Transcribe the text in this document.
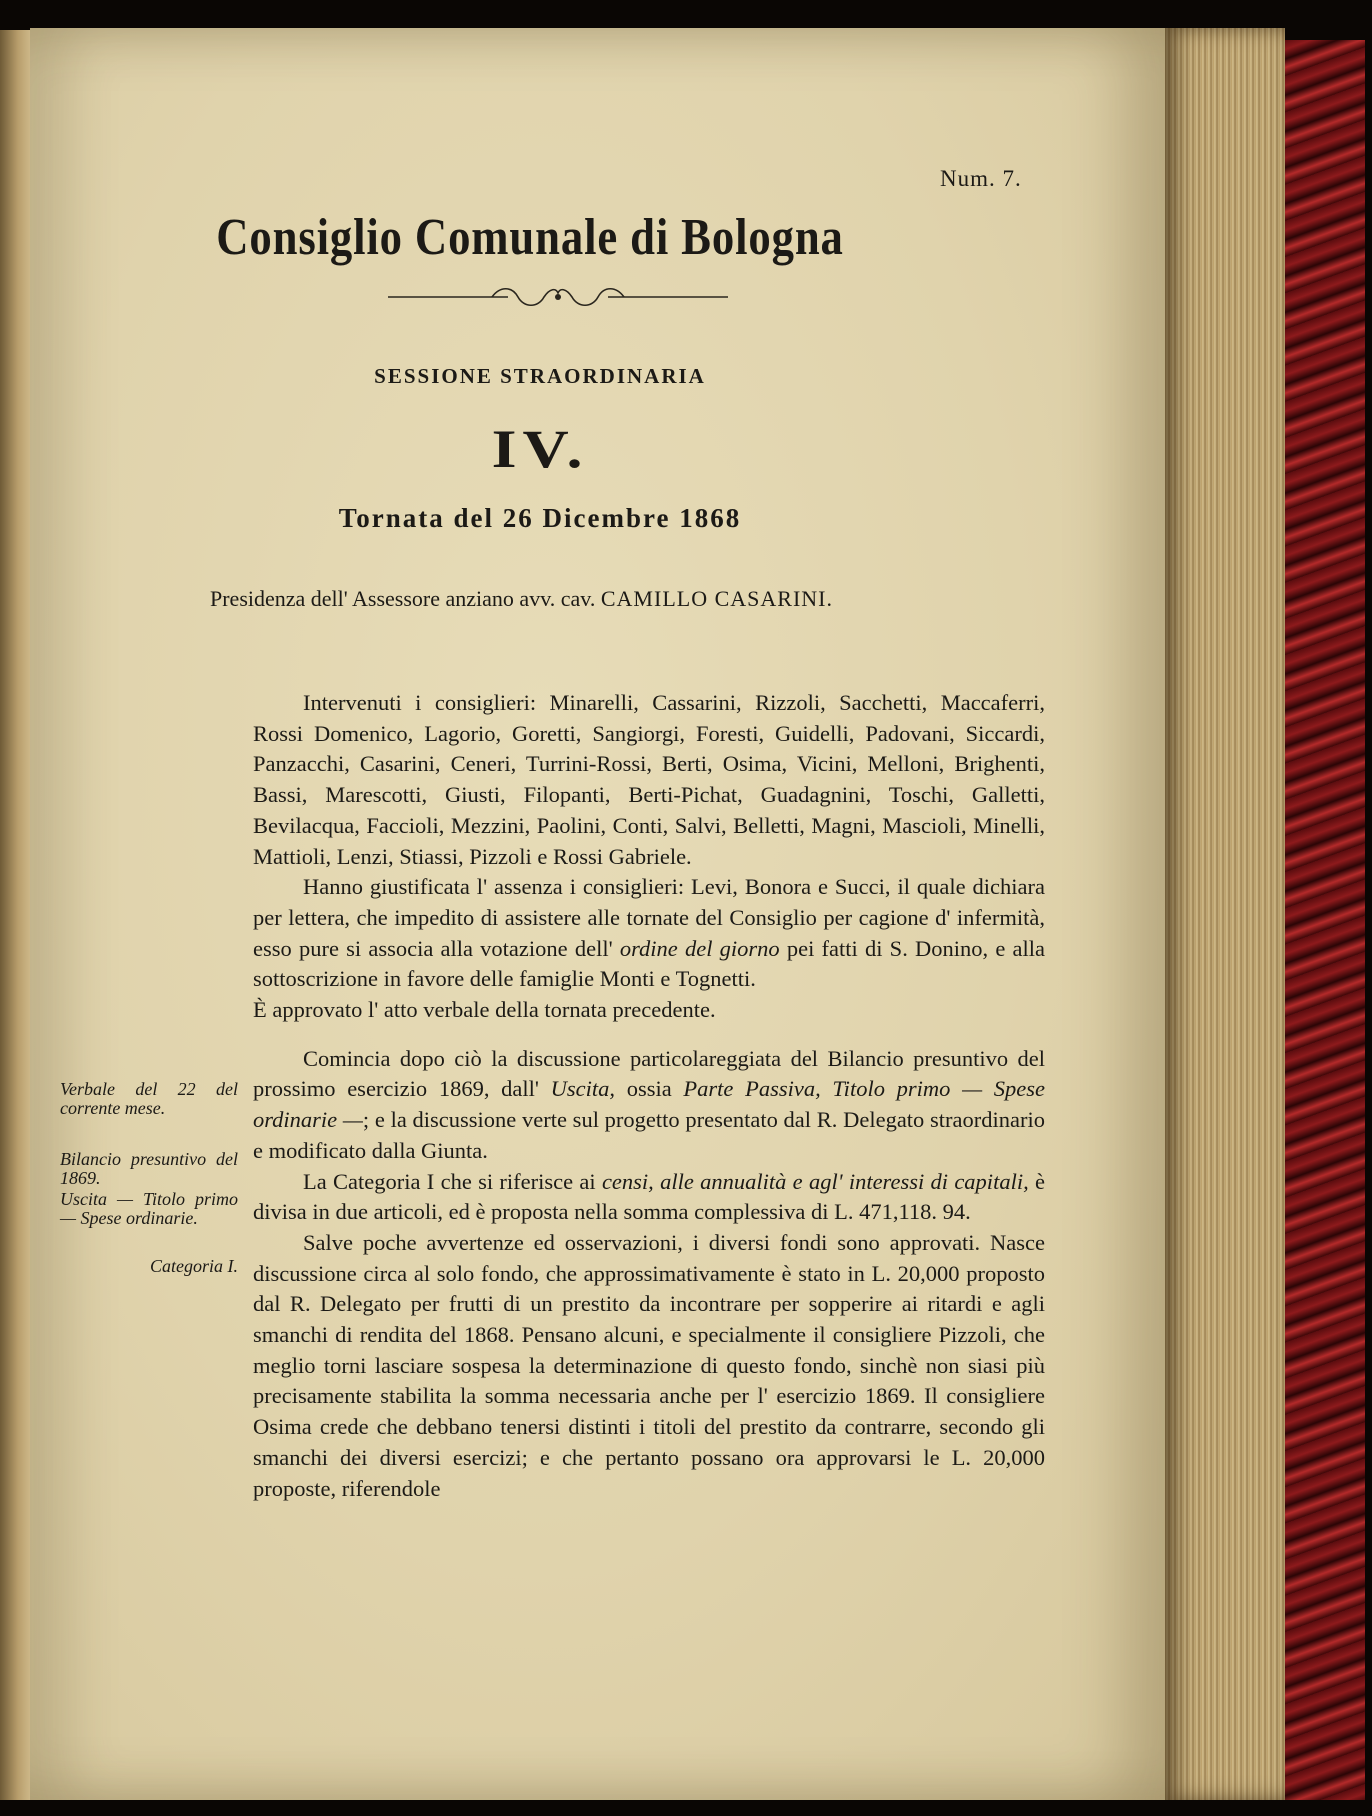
Num. 7.
Consiglio Comunale di Bologna
SESSIONE STRAORDINARIA
IV.
Tornata del 26 Dicembre 1868
Presidenza dell' Assessore anziano avv. cav. CAMILLO CASARINI.

Intervenuti i consiglieri: Minarelli, Cassarini, Rizzoli, Sacchetti, Maccaferri, Rossi Domenico, Lagorio, Goretti, Sangiorgi, Foresti, Guidelli, Padovani, Siccardi, Panzacchi, Casarini, Ceneri, Turrini-Rossi, Berti, Osima, Vicini, Melloni, Brighenti, Bassi, Marescotti, Giusti, Filopanti, Berti-Pichat, Guadagnini, Toschi, Galletti, Bevilacqua, Faccioli, Mezzini, Paolini, Conti, Salvi, Belletti, Magni, Mascioli, Minelli, Mattioli, Lenzi, Stiassi, Pizzoli e Rossi Gabriele.

Hanno giustificata l' assenza i consiglieri: Levi, Bonora e Succi, il quale dichiara per lettera, che impedito di assistere alle tornate del Consiglio per cagione d' infermità, esso pure si associa alla votazione dell' ordine del giorno pei fatti di S. Donino, e alla sottoscrizione in favore delle famiglie Monti e Tognetti.

È approvato l' atto verbale della tornata precedente.

Comincia dopo ciò la discussione particolareggiata del Bilancio presuntivo del prossimo esercizio 1869, dall' Uscita, ossia Parte Passiva, Titolo primo — Spese ordinarie —; e la discussione verte sul progetto presentato dal R. Delegato straordinario e modificato dalla Giunta.

La Categoria I che si riferisce ai censi, alle annualità e agl' interessi di capitali, è divisa in due articoli, ed è proposta nella somma complessiva di L. 471,118. 94.

Salve poche avvertenze ed osservazioni, i diversi fondi sono approvati. Nasce discussione circa al solo fondo, che approssimativamente è stato in L. 20,000 proposto dal R. Delegato per frutti di un prestito da incontrare per sopperire ai ritardi e agli smanchi di rendita del 1868. Pensano alcuni, e specialmente il consigliere Pizzoli, che meglio torni lasciare sospesa la determinazione di questo fondo, sinchè non siasi più precisamente stabilita la somma necessaria anche per l' esercizio 1869. Il consigliere Osima crede che debbano tenersi distinti i titoli del prestito da contrarre, secondo gli smanchi dei diversi esercizi; e che pertanto possano ora approvarsi le L. 20,000 proposte, riferendole

Verbale del 22 del corrente mese.
Bilancio presuntivo del 1869.
Uscita — Titolo primo — Spese ordinarie.
Categoria I.
